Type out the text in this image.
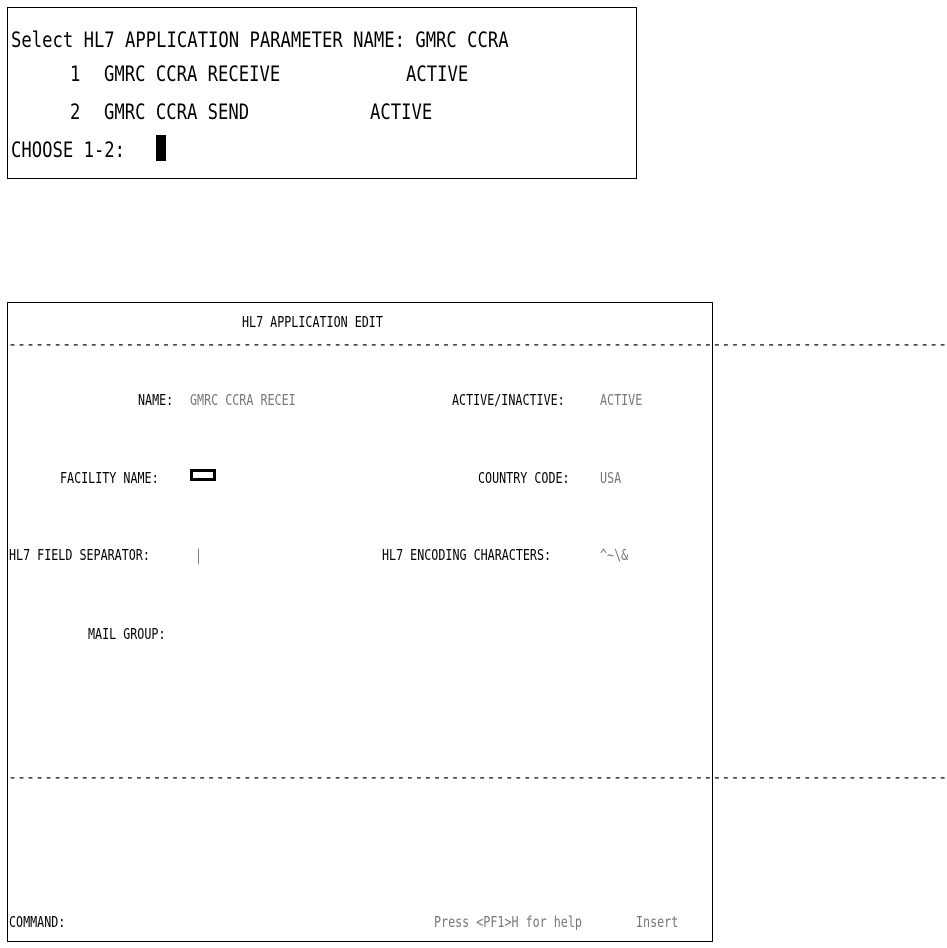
Select HL7 APPLICATION PARAMETER NAME: GMRC CCRA
1 GMRC CCRA RECEIVE	ACTIVE
2 GMRC CCRA SEND	ACTIVE
CHOOSE 1-2:
HL7 APPLICATION EDIT
--------------------------------------------------------------------------------------------------------
NAME: GMRC CCRA RECEI	ACTIVE/INACTIVE: ACTIVE
FACILITY NAME:	COUNTRY CODE: USA
HL7 FIELD SEPARATOR:	|	HL7 ENCODING CHARACTERS:	^~\&
MAIL GROUP:
--------------------------------------------------------------------------------------------------------
COMMAND:	Press <PF1>H for help	Insert
